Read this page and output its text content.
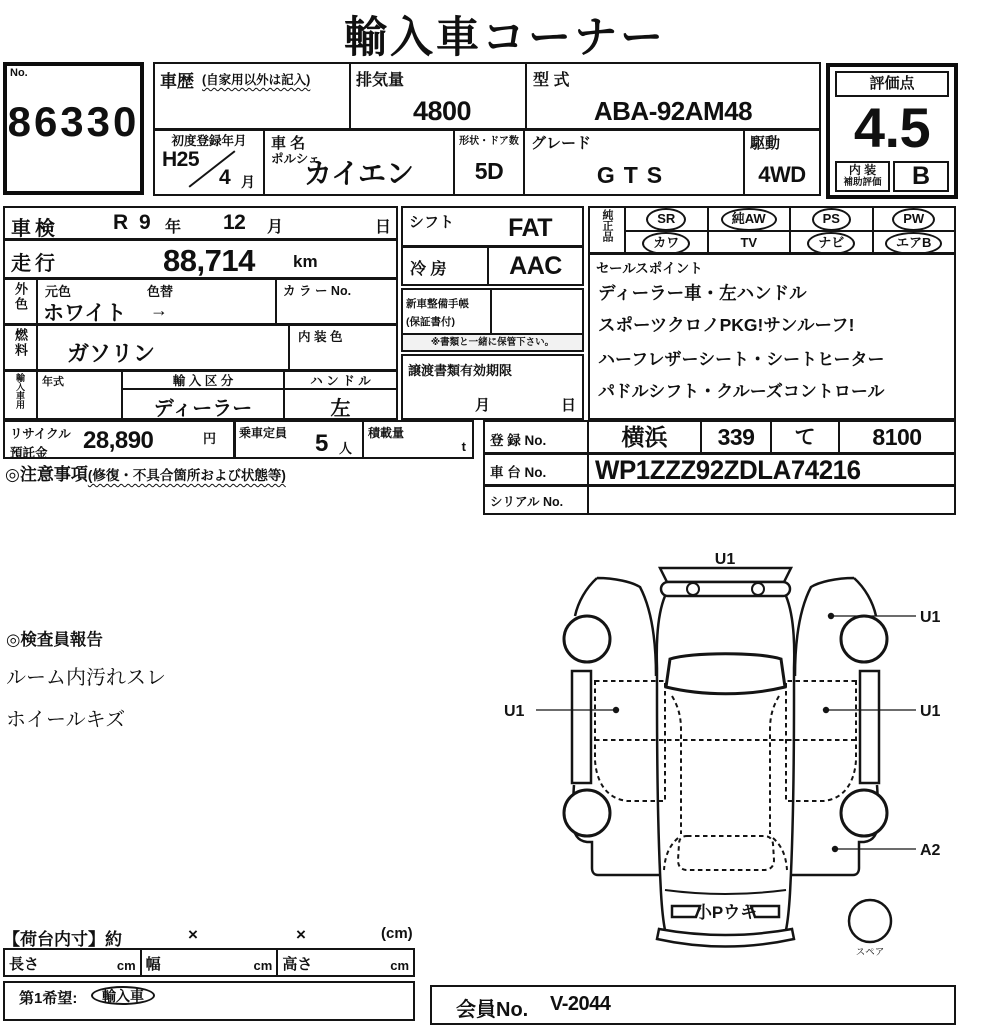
輸入車コーナー
No.
86330
車歴 (自家用以外は記入)	排気量
4800
型 式
ABA-92AM48
評価点
4.5
内 装
補助評価	B
初度登録年月
H25
4 月
車 名
ポルシェ
カイエン
形状・ドア数
5D
グレード
GTS
駆動
4WD
車検	R 9 年 12 月	日
走行	88,714 km
外色 元色	色替
ホワイト →
カ ラ ー No.
燃料 ガソリン
内 装 色
輸入車用 年式	輸 入 区 分
ディーラー
ハ ン ド ル
左
シフト FAT
冷 房	AAC
新車整備手帳
(保証書付)
※書類と一緒に保管下さい。
譲渡書類有効期限
月	日
純正品	SR	純AW	PS	PW
カワ	TV	ナビ	エアB
セールスポイント
ディーラー車・左ハンドル
スポーツクロノPKG!サンルーフ!
ハーフレザーシート・シートヒーター
パドルシフト・クルーズコントロール
リサイクル
預託金	28,890	円 乗車定員 5 人
積載量
t
◎注意事項(修復・不具合箇所および状態等)
登 録 No.	横浜	339	て	8100
車 台 No. WP1ZZZ92ZDLA74216
シリアル No.
◎検査員報告
ルーム内汚れスレ
ホイールキズ
U1
U1
U1	U1
A2
小Pウキ
スペア
【荷台内寸】約	×	×	(cm)
長さ	cm 幅	cm 高さ	cm
第1希望:	輸入車
会員No. V-2044
